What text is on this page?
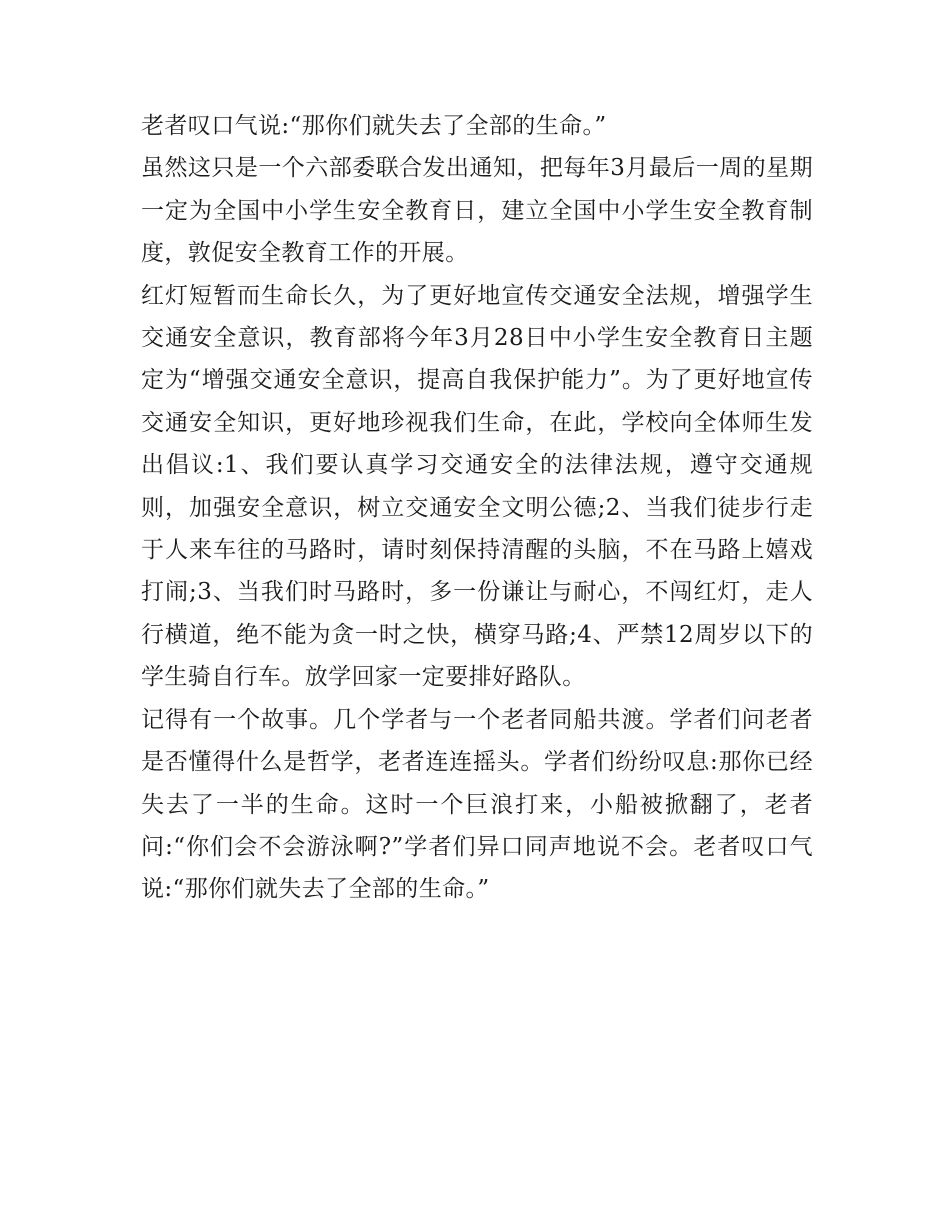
老者叹口气说:“那你们就失去了全部的生命。”

虽然这只是一个六部委联合发出通知，把每年3月最后一周的星期一定为全国中小学生安全教育日，建立全国中小学生安全教育制度，敦促安全教育工作的开展。

红灯短暂而生命长久，为了更好地宣传交通安全法规，增强学生交通安全意识，教育部将今年3月28日中小学生安全教育日主题定为“增强交通安全意识，提高自我保护能力”。为了更好地宣传交通安全知识，更好地珍视我们生命，在此，学校向全体师生发出倡议:1、我们要认真学习交通安全的法律法规，遵守交通规则，加强安全意识，树立交通安全文明公德;2、当我们徒步行走于人来车往的马路时，请时刻保持清醒的头脑，不在马路上嬉戏打闹;3、当我们时马路时，多一份谦让与耐心，不闯红灯，走人行横道，绝不能为贪一时之快，横穿马路;4、严禁12周岁以下的学生骑自行车。放学回家一定要排好路队。

记得有一个故事。几个学者与一个老者同船共渡。学者们问老者是否懂得什么是哲学，老者连连摇头。学者们纷纷叹息:那你已经失去了一半的生命。这时一个巨浪打来，小船被掀翻了，老者问:“你们会不会游泳啊?”学者们异口同声地说不会。老者叹口气说:“那你们就失去了全部的生命。”
